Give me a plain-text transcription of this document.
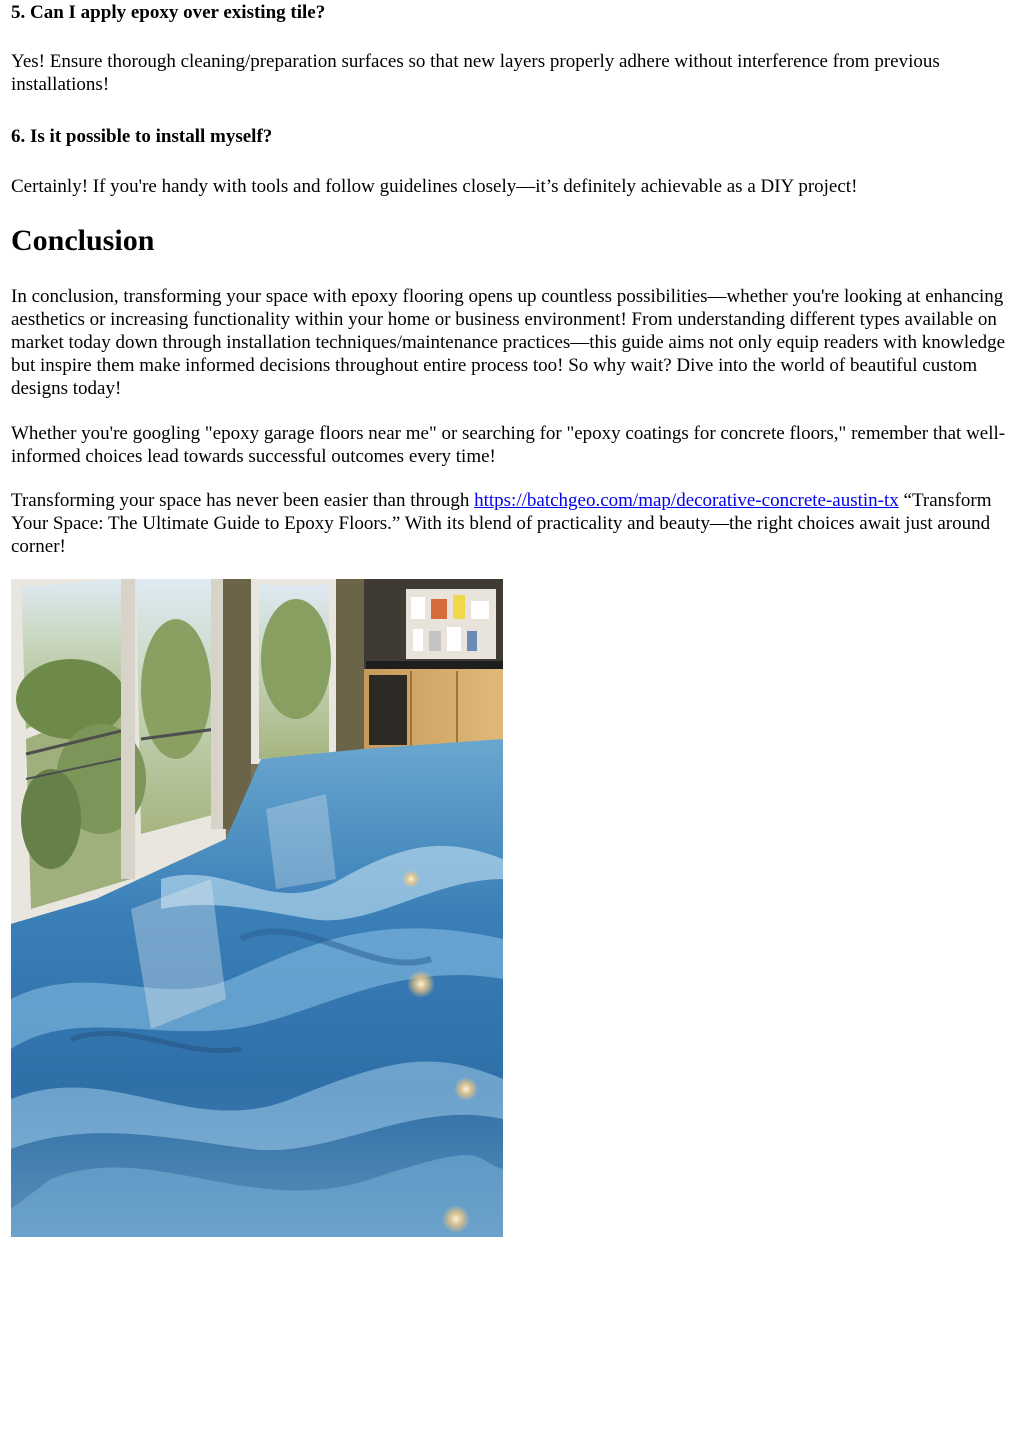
5. Can I apply epoxy over existing tile?

Yes! Ensure thorough cleaning/preparation surfaces so that new layers properly adhere without interference from previous installations!

6. Is it possible to install myself?

Certainly! If you're handy with tools and follow guidelines closely—it’s definitely achievable as a DIY project!

Conclusion

In conclusion, transforming your space with epoxy flooring opens up countless possibilities—whether you're looking at enhancing aesthetics or increasing functionality within your home or business environment! From understanding different types available on market today down through installation techniques/maintenance practices—this guide aims not only equip readers with knowledge but inspire them make informed decisions throughout entire process too! So why wait? Dive into the world of beautiful custom designs today!

Whether you're googling "epoxy garage floors near me" or searching for "epoxy coatings for concrete floors," remember that well-informed choices lead towards successful outcomes every time!

Transforming your space has never been easier than through https://batchgeo.com/map/decorative-concrete-austin-tx “Transform Your Space: The Ultimate Guide to Epoxy Floors.” With its blend of practicality and beauty—the right choices await just around corner!
